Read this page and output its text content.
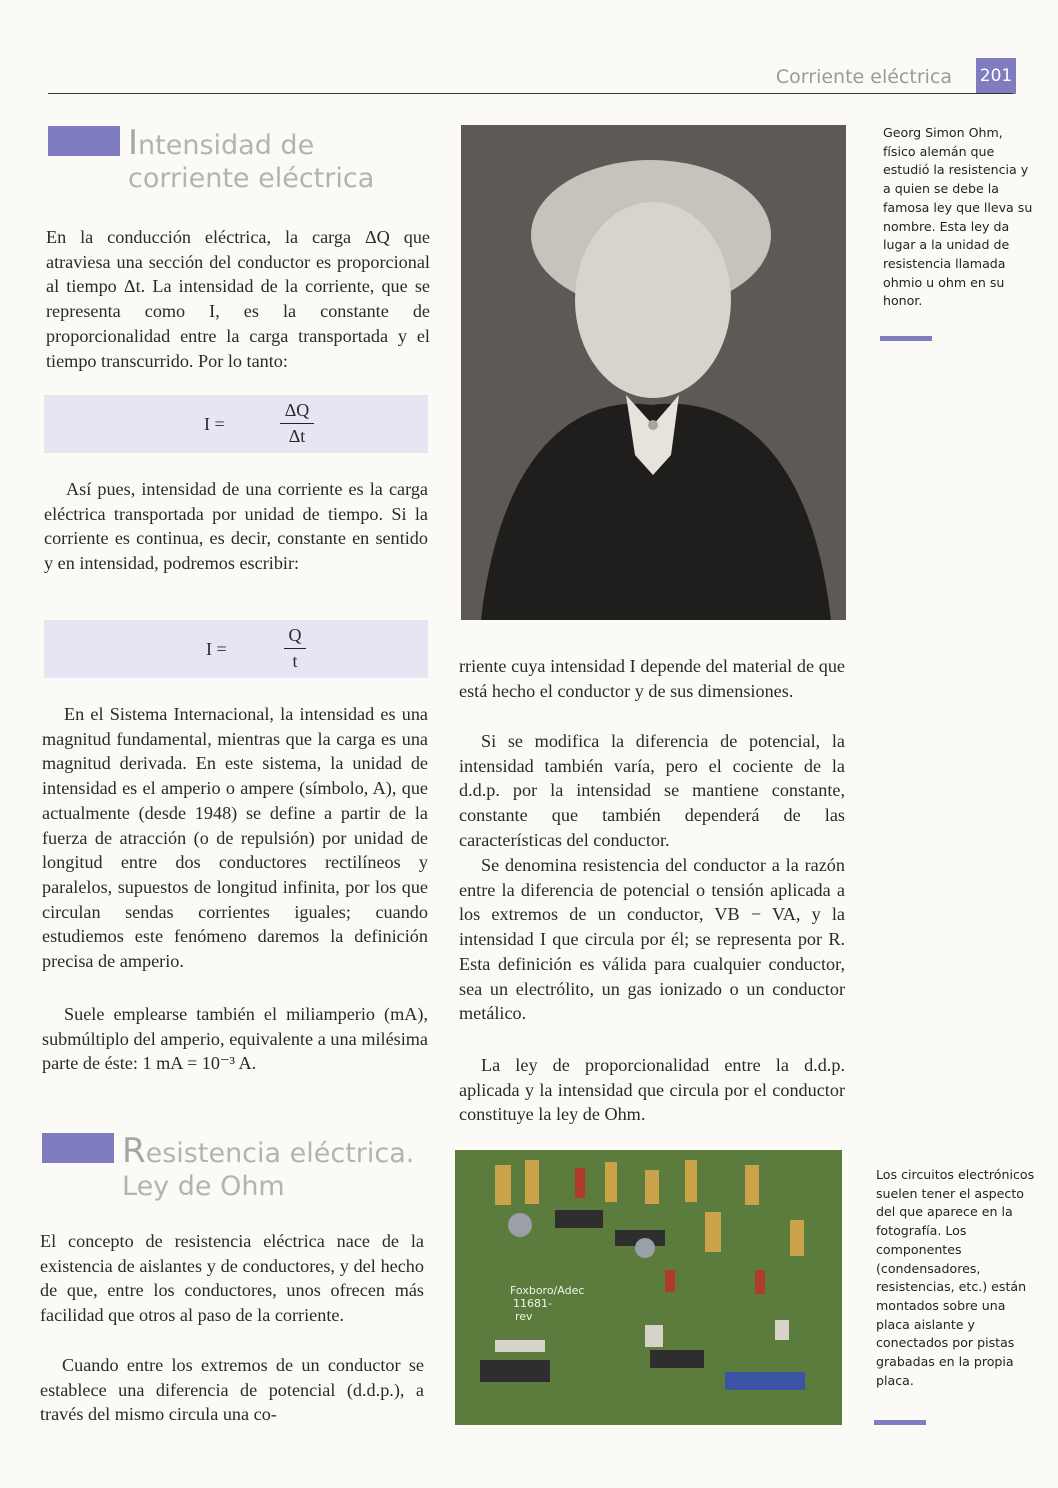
Corriente eléctrica 201
Intensidad de
corriente eléctrica

En la conducción eléctrica, la carga ΔQ que atraviesa una sección del conductor es proporcional al tiempo Δt. La intensidad de la corriente, que se representa como I, es la constante de proporcionalidad entre la carga transportada y el tiempo transcurrido. Por lo tanto:

I =
ΔQ
Δt

Así pues, intensidad de una corriente es la carga eléctrica transportada por unidad de tiempo. Si la corriente es continua, es decir, constante en sentido y en intensidad, podremos escribir:

I =
Q
t

En el Sistema Internacional, la intensidad es una magnitud fundamental, mientras que la carga es una magnitud derivada. En este sistema, la unidad de intensidad es el amperio o ampere (símbolo, A), que actualmente (desde 1948) se define a partir de la fuerza de atracción (o de repulsión) por unidad de longitud entre dos conductores rectilíneos y paralelos, supuestos de longitud infinita, por los que circulan sendas corrientes iguales; cuando estudiemos este fenómeno daremos la definición precisa de amperio.

Suele emplearse también el miliamperio (mA), submúltiplo del amperio, equivalente a una milésima parte de éste: 1 mA = 10⁻³ A.

Resistencia eléctrica.
Ley de Ohm

El concepto de resistencia eléctrica nace de la existencia de aislantes y de conductores, y del hecho de que, entre los conductores, unos ofrecen más facilidad que otros al paso de la corriente.

Cuando entre los extremos de un conductor se establece una diferencia de potencial (d.d.p.), a través del mismo circula una co-

Georg Simon Ohm, físico alemán que estudió la resistencia y a quien se debe la famosa ley que lleva su nombre. Esta ley da lugar a la unidad de resistencia llamada ohmio u ohm en su honor.

rriente cuya intensidad I depende del material de que está hecho el conductor y de sus dimensiones.

Si se modifica la diferencia de potencial, la intensidad también varía, pero el cociente de la d.d.p. por la intensidad se mantiene constante, constante que también dependerá de las características del conductor.

Se denomina resistencia del conductor a la razón entre la diferencia de potencial o tensión aplicada a los extremos de un conductor, VB − VA, y la intensidad I que circula por él; se representa por R. Esta definición es válida para cualquier conductor, sea un electrólito, un gas ionizado o un conductor metálico.

La ley de proporcionalidad entre la d.d.p. aplicada y la intensidad que circula por el conductor constituye la ley de Ohm.

Foxboro/Adec
11681-
rev
Los circuitos electrónicos suelen tener el aspecto del que aparece en la fotografía. Los componentes (condensadores, resistencias, etc.) están montados sobre una placa aislante y conectados por pistas grabadas en la propia placa.
